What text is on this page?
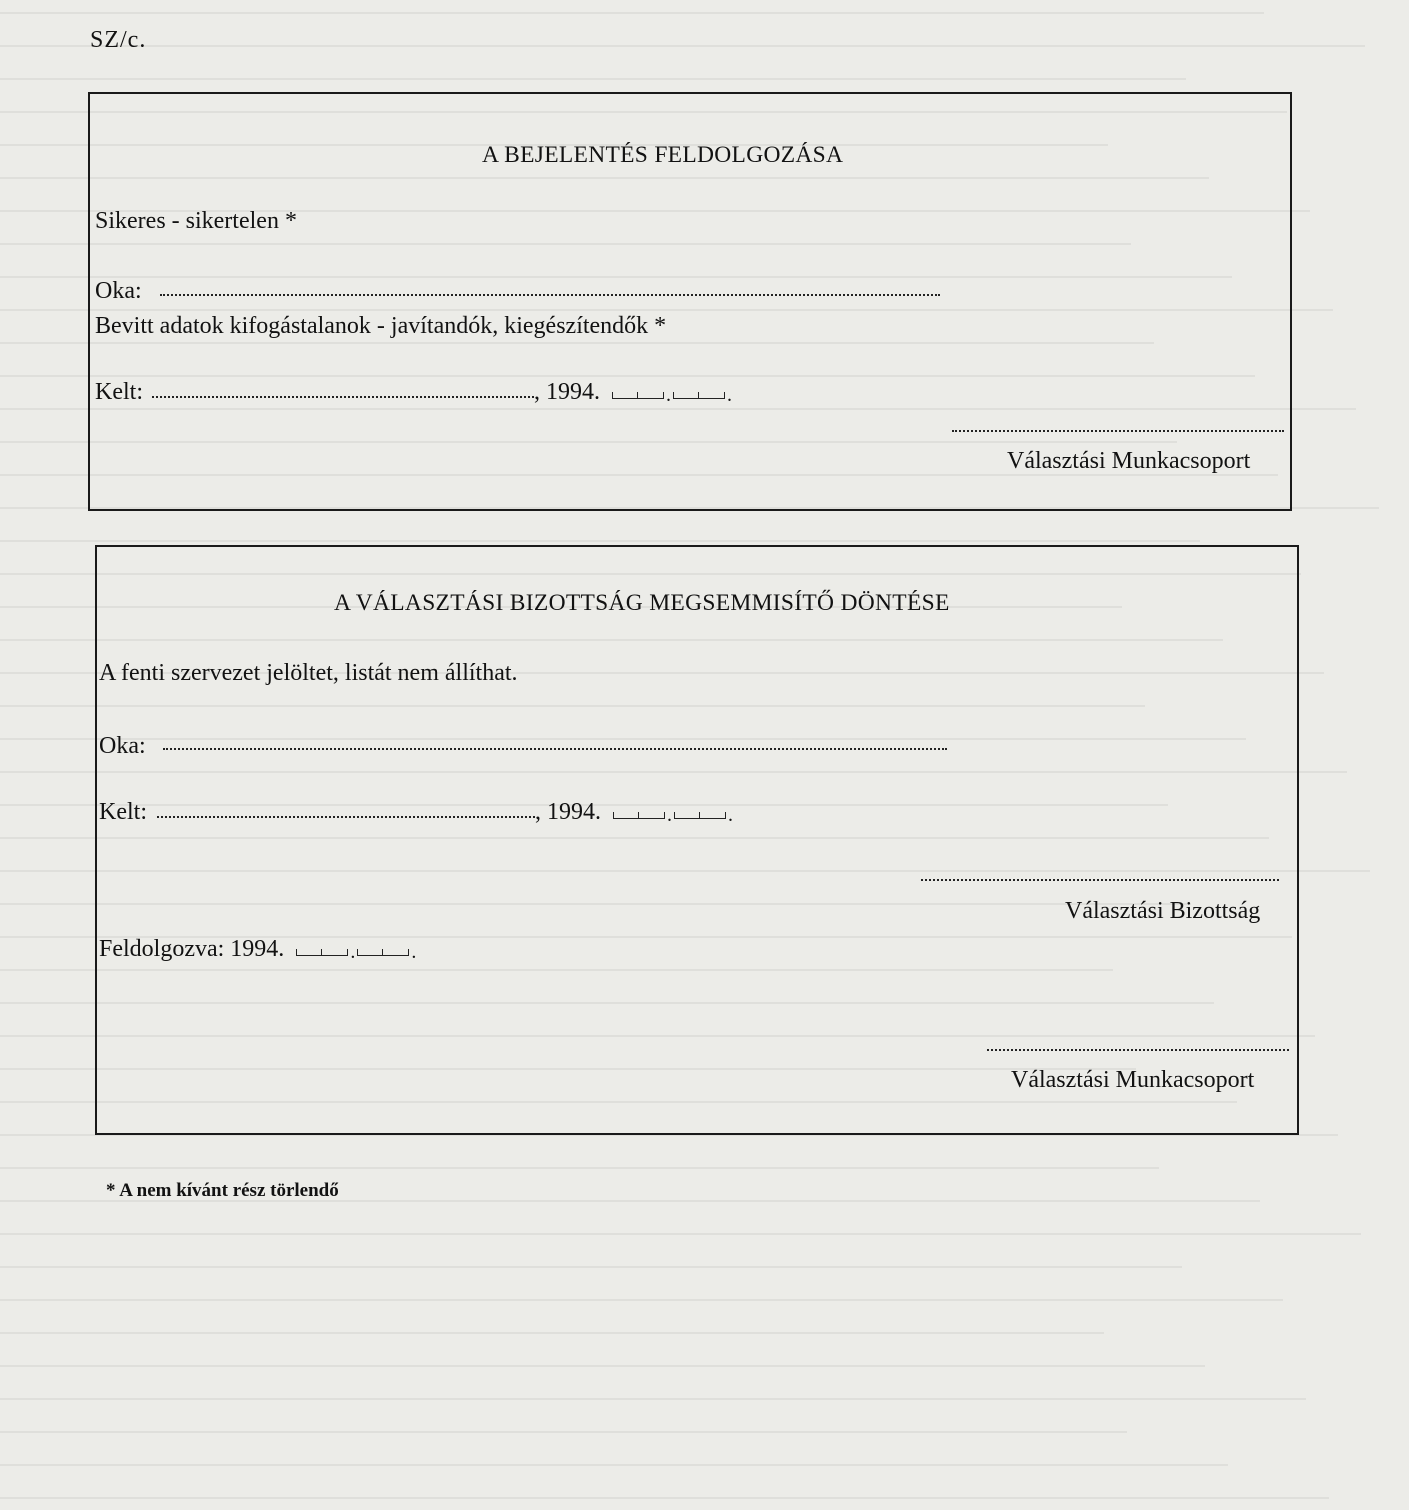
SZ/c.
A BEJELENTÉS FELDOLGOZÁSA
Sikeres - sikertelen *
Oka:
Bevitt adatok kifogástalanok - javítandók, kiegészítendők *
Kelt:	, 1994.	.	.
Választási Munkacsoport
A VÁLASZTÁSI BIZOTTSÁG MEGSEMMISÍTŐ DÖNTÉSE
A fenti szervezet jelöltet, listát nem állíthat.
Oka:
Kelt:	, 1994.	.	.
Választási Bizottság
Feldolgozva: 1994.	.	.
Választási Munkacsoport
* A nem kívánt rész törlendő
